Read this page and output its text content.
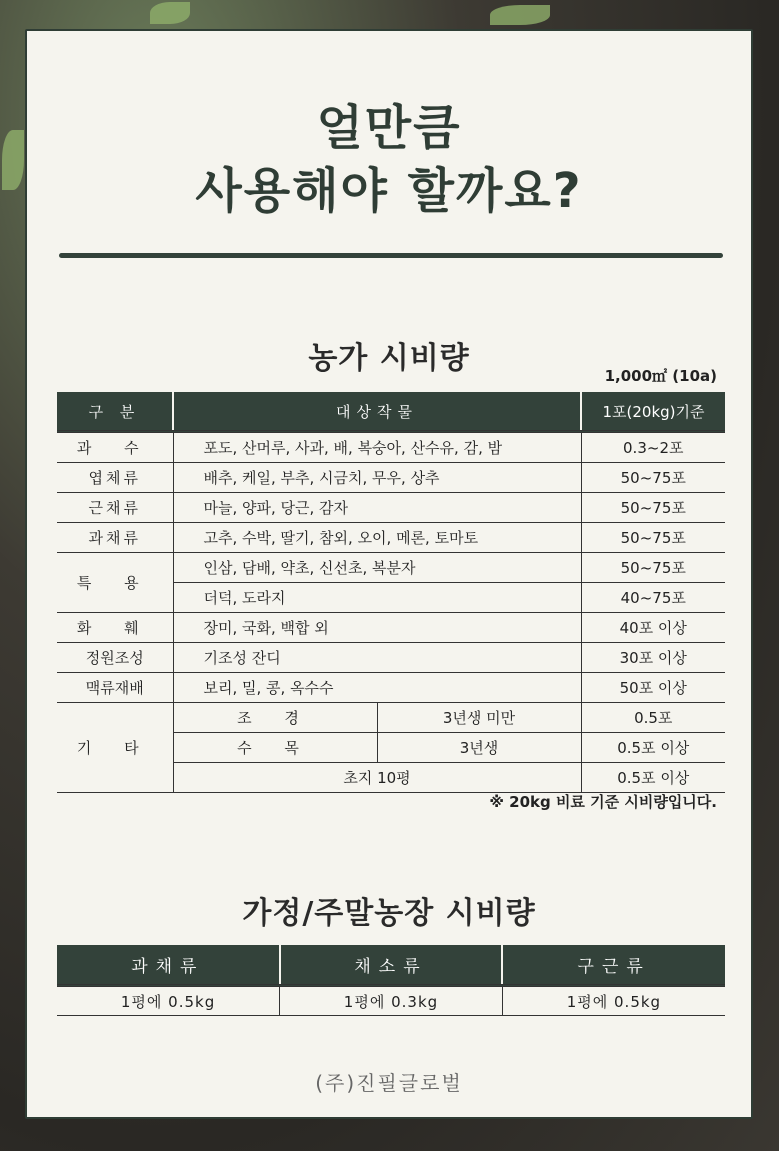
얼만큼
사용해야 할까요?
농가 시비량	1,000㎡ (10a)
구 분	대상작물		1포(20kg)기준
과 수	포도, 산머루, 사과, 배, 복숭아, 산수유, 감, 밤		0.3~2포
엽체류	배추, 케일, 부추, 시금치, 무우, 상추		50~75포
근채류	마늘, 양파, 당근, 감자		50~75포
과채류	고추, 수박, 딸기, 참외, 오이, 메론, 토마토		50~75포
특 용	인삼, 담배, 약초, 신선초, 복분자		50~75포
	더덕, 도라지		40~75포
화 훼	장미, 국화, 백합 외		40포 이상
정원조성	기조성 잔디		30포 이상
맥류재배	보리, 밀, 콩, 옥수수		50포 이상
기 타	조 경	3년생 미만	0.5포
	수 목	3년생	0.5포 이상
	초지 10평		0.5포 이상
※ 20kg 비료 기준 시비량입니다.
가정/주말농장 시비량
과채류	채소류	구근류
1평에 0.5kg	1평에 0.3kg	1평에 0.5kg
(주)진필글로벌
